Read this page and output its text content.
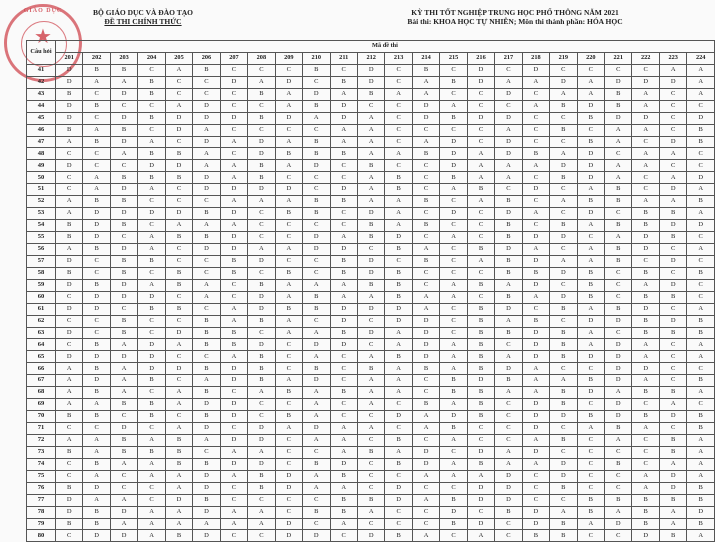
GIÁO DỤC
★
BỘ GIÁO DỤC VÀ ĐÀO TẠO
ĐỀ THI CHÍNH THỨC
KỲ THI TỐT NGHIỆP TRUNG HỌC PHỔ THÔNG NĂM 2021
Bài thi: KHOA HỌC TỰ NHIÊN; Môn thi thành phần: HÓA HỌC
Câu hỏi	Mã đề thi																							
	201	202	203	204	205	206	207	208	209	210	211	212	213	214	215	216	217	218	219	220	221	222	223	224
41	D	B	B	C	A	B	C	C	C	B	C	D	C	B	C	D	C	D	C	C	C	C	A	A
42	D	A	A	B	C	C	D	A	D	C	B	D	C	A	B	D	A	A	D	A	D	D	D	A
43	B	C	D	B	C	C	C	B	A	D	A	B	A	A	C	C	D	C	A	A	B	A	C	A
44	D	B	C	C	A	D	C	C	A	B	D	C	C	D	A	C	C	A	B	D	B	A	C	C
45	D	C	D	B	D	D	D	B	D	A	D	A	C	D	B	D	D	C	C	B	D	D	C	D
46	B	A	B	C	D	A	C	C	C	C	A	A	C	C	C	C	A	C	B	C	A	A	C	B
47	A	B	D	A	C	D	A	D	A	B	A	A	C	A	D	C	D	C	C	B	A	C	D	B
48	C	C	A	B	B	A	C	D	B	B	B	A	A	B	D	A	D	B	A	D	C	A	A	C
49	D	C	C	D	D	A	A	B	A	D	C	B	C	C	D	A	A	A	D	D	A	A	C	C
50	C	A	B	B	B	D	A	B	C	C	C	A	B	C	B	A	A	C	B	D	A	C	A	D
51	C	A	D	A	C	D	D	D	D	C	D	A	B	C	A	B	C	D	C	A	B	C	D	A
52	A	B	B	C	C	C	A	A	A	B	B	A	A	B	C	A	B	C	A	B	B	A	A	B
53	A	D	D	D	D	B	D	C	B	B	C	D	A	C	D	C	D	A	C	D	C	B	B	A
54	B	D	B	C	A	A	A	C	C	C	C	B	A	B	C	C	B	C	B	A	B	B	D	D
55	B	D	C	A	B	B	D	C	C	D	A	B	D	C	A	C	B	D	D	C	A	D	B	C
56	A	B	D	A	C	D	D	A	A	D	D	C	B	A	C	B	D	A	C	A	B	D	C	A
57	D	C	B	B	C	C	B	D	C	C	B	D	C	B	C	A	B	D	A	A	B	C	D	C
58	B	C	B	C	B	C	B	C	B	C	B	D	B	C	C	C	B	B	D	B	C	B	C	B
59	D	B	D	A	B	A	C	B	A	A	A	B	B	C	A	B	A	D	C	B	C	A	D	C
60	C	D	D	D	C	A	C	D	A	B	A	A	B	A	A	C	B	A	D	B	C	B	B	C
61	D	D	C	B	B	C	A	D	B	B	D	D	D	A	C	B	D	C	B	A	B	D	C	A
62	C	C	B	C	C	B	A	B	A	C	D	C	D	D	C	B	A	B	C	D	D	B	D	B
63	D	C	B	C	D	B	B	C	A	A	B	D	A	D	C	B	B	D	B	A	C	B	B	B
64	C	B	A	D	A	B	B	D	C	D	D	C	A	D	A	B	C	D	B	A	D	A	C	A
65	D	D	D	D	C	C	A	B	C	A	C	A	B	D	A	B	A	D	B	D	D	A	C	A
66	A	B	A	D	D	B	D	B	C	B	C	B	A	B	A	B	D	A	C	C	D	D	C	C
67	A	D	A	B	C	A	D	B	A	D	C	A	A	C	B	D	B	A	A	B	D	A	C	B
68	A	B	A	C	A	B	C	A	B	A	B	A	A	C	B	B	A	A	B	D	A	B	B	A
69	A	A	B	B	A	D	D	C	C	A	C	A	C	B	A	B	C	D	B	C	D	C	A	C
70	B	B	C	B	C	B	D	C	B	A	C	C	D	A	D	B	C	D	D	B	D	B	D	B
71	C	C	D	C	A	D	C	D	A	D	A	A	C	A	B	C	C	D	C	A	B	A	C	B
72	A	A	B	A	B	A	D	D	C	A	A	C	B	C	A	C	C	A	B	C	A	C	B	A
73	B	A	B	B	B	C	A	A	C	C	A	B	A	D	C	D	A	D	C	C	C	C	B	A
74	C	B	A	A	B	B	D	D	C	B	D	C	B	D	A	B	A	A	D	C	B	C	A	A
75	C	A	C	A	A	D	A	B	D	A	B	C	C	A	A	A	D	C	D	C	C	A	D	A
76	B	D	C	C	A	D	C	B	D	A	A	C	D	C	C	D	D	C	B	C	C	A	D	B
77	D	A	A	C	D	B	C	C	C	C	B	B	D	A	B	D	D	C	C	B	B	B	B	B
78	D	B	D	A	A	D	A	A	C	B	B	A	C	C	D	C	B	D	A	B	A	B	A	D
79	B	B	A	A	A	A	A	A	D	C	A	C	C	C	B	D	C	D	B	A	D	B	A	B
80	C	D	D	A	B	D	C	C	D	D	C	D	B	A	C	A	C	B	B	C	C	D	B	A
